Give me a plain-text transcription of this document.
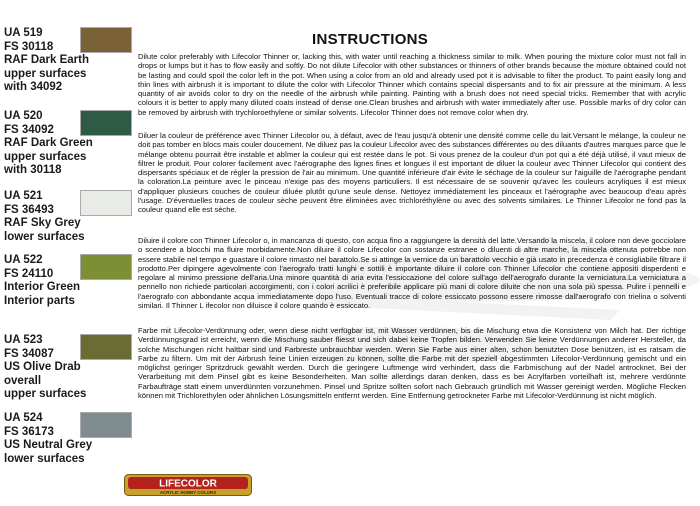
UA 519
FS 30118
RAF Dark Earth
upper surfaces
with 34092
UA 520
FS 34092
RAF Dark Green
upper surfaces
with 30118
UA 521
FS 36493
RAF Sky Grey
lower surfaces
UA 522
FS 24110
Interior Green
Interior parts
UA 523
FS 34087
US Olive Drab
overall
upper surfaces
UA 524
FS 36173
US Neutral Grey
lower surfaces
LIFECOLOR
ACRYLIC HOBBY COLORS
INSTRUCTIONS
Dilute color preferably with Lifecolor Thinner or, lacking this, with water until reaching a thickness similar to milk. When pouring the mixture color must not fall in drops or lumps but it has to flow easily and softly. Do not dilute Lifecolor with other substances or thinners of other brands because the mixture obtained could not be lasting and could spoil the color left in the pot. When using a color from an old and already used pot it is advisable to filter the product. To paint easily long and thin lines with airbrush it is important to dilute the color with Lifecolor Thinner which contains special dispersants and to fix air pressure at the minimum. A less quantity of air avoids color to dry on the needle of the airbrush while painting. Painting with a brush does not need special tricks. Remember that with acrylic colours it is better to apply many diluted coats instead of dense one.Clean brushes and airbrush with water immediately after use. Possible marks of dry color can be removed by airbrush with trychloroethylene or similar solvents. Lifecolor Thinner does not remove color when dry.
Diluer la couleur de préférence avec Thinner Lifecolor ou, à défaut, avec de l'eau jusqu'à obtenir une densité comme celle du lait.Versant le mélange, la couleur ne doit pas tomber en blocs mais couler doucement. Ne diluez pas la couleur Lifecolor avec des substances différentes ou des diluants d'autres marques parce que le mélange obtenu pourrait être instable et abîmer la couleur qui est restée dans le pot. Si vous prenez de la couleur d'un pot qui a été déjà utilisé, il vaut mieux de filtrer le produit. Pour colorer facilement avec l'aérographe des lignes fines et longues il est important de diluer la couleur avec Thinner Lifecolor qui contient des dispersants spéciaux et de régler la pression de l'air au minimum. Une quantité inférieure d'air évite le séchage de la couleur sur l'aiguille de l'aérographe pendant la coloration.La peinture avec le pinceau n'exige pas des moyens particuliers. Il est nécessaire de se souvenir qu'avec les couleurs acryliques il est mieux d'appliquer plusieurs couches de couleur diluée plutôt qu'une seule dense. Nettoyez immédiatement les pinceaux et l'aérographe avec beaucoup d'eau après l'usage. D'éventuelles traces de couleur sèche peuvent être éliminées avec trichloréthylène ou avec des solvents similaires. Le Thinner Lifecolor ne fond pas la couleur quand elle est sèche.
Diluire il colore con Thinner Lifecolor o, in mancanza di questo, con acqua fino a raggiungere la densità del latte.Versando la miscela, il colore non deve gocciolare o scendere a blocchi ma fluire morbidamente.Non diluire il colore Lifecolor con sostanze estranee o diluenti di altre marche, la miscela ottenuta potrebbe non essere stabile nel tempo e guastare il colore rimasto nel barattolo.Se si attinge la vernice da un barattolo vecchio e già usato in precedenza è consigliabile filtrare il prodotto.Per dipingere agevolmente con l'aerografo tratti lunghi e sottili è importante diluire il colore con Thinner Lifecolor che contiene appositi disperdenti e regolare al minimo pressione dell'aria.Una minore quantità di aria evita l'essiccazione del colore sull'ago dell'aerografo durante la verniciatura.La verniciatura a pennello non richiede particolari accorgimenti, con i colori acrilici è preferibile applicare più mani di colore diluite che non una sola più spessa. Pulire i pennelli e l'aerografo con abbondante acqua immediatamente dopo l'uso. Eventuali tracce di colore essiccato possono essere rimosse dall'aerografo con trielina o solventi similari. Il Thinner L ifecolor non diluisce il colore quando è essiccato.
Farbe mit Lifecolor-Verdünnung oder, wenn diese nicht verfügbar ist, mit Wasser verdünnen, bis die Mischung etwa die Konsistenz von Milch hat. Der richtige Verdünnungsgrad ist erreicht, wenn die Mischung sauber fliesst und sich dabei keine Tropfen bilden. Verwenden Sie keine Verdünnungen anderer Hersteller, da solche Mischungen nicht haltbar sind und Farbreste unbrauchbar werden. Wenn Sie Farbe aus einer alten, schon benutzten Dose benützen, ist es ratsam die Farbe zu filtern. Um mit der Airbrush feine Linien erzeugen zu können, sollte die Farbe mit der speziell abgestimmten Lifecolor-Verdünnung gemischt und ein möglichst geringer Spritzdruck gewählt werden. Durch die geringere Luftmenge wird verhindert, dass die Farbmischung auf der Nadel antrocknet. Bei der Verarbeitung mit dem Pinsel gibt es keine Besonderheiten. Man sollte allerdings daran denken, dass es bei Acrylfarben vorteilhaft ist, mehrere verdünnte Farbaufträge statt einem unverdünnten vorzunehmen. Pinsel und Spritze sollten sofort nach Gebrauch gründlich mit Wasser gereinigt werden. Mögliche Flecken können mit Trichlorethylen oder ähnlichen Lösungsmitteln entfernt werden. Eine Entfernung getrockneter Farbe mit Lifecolor-Verdünnung ist nicht möglich.
